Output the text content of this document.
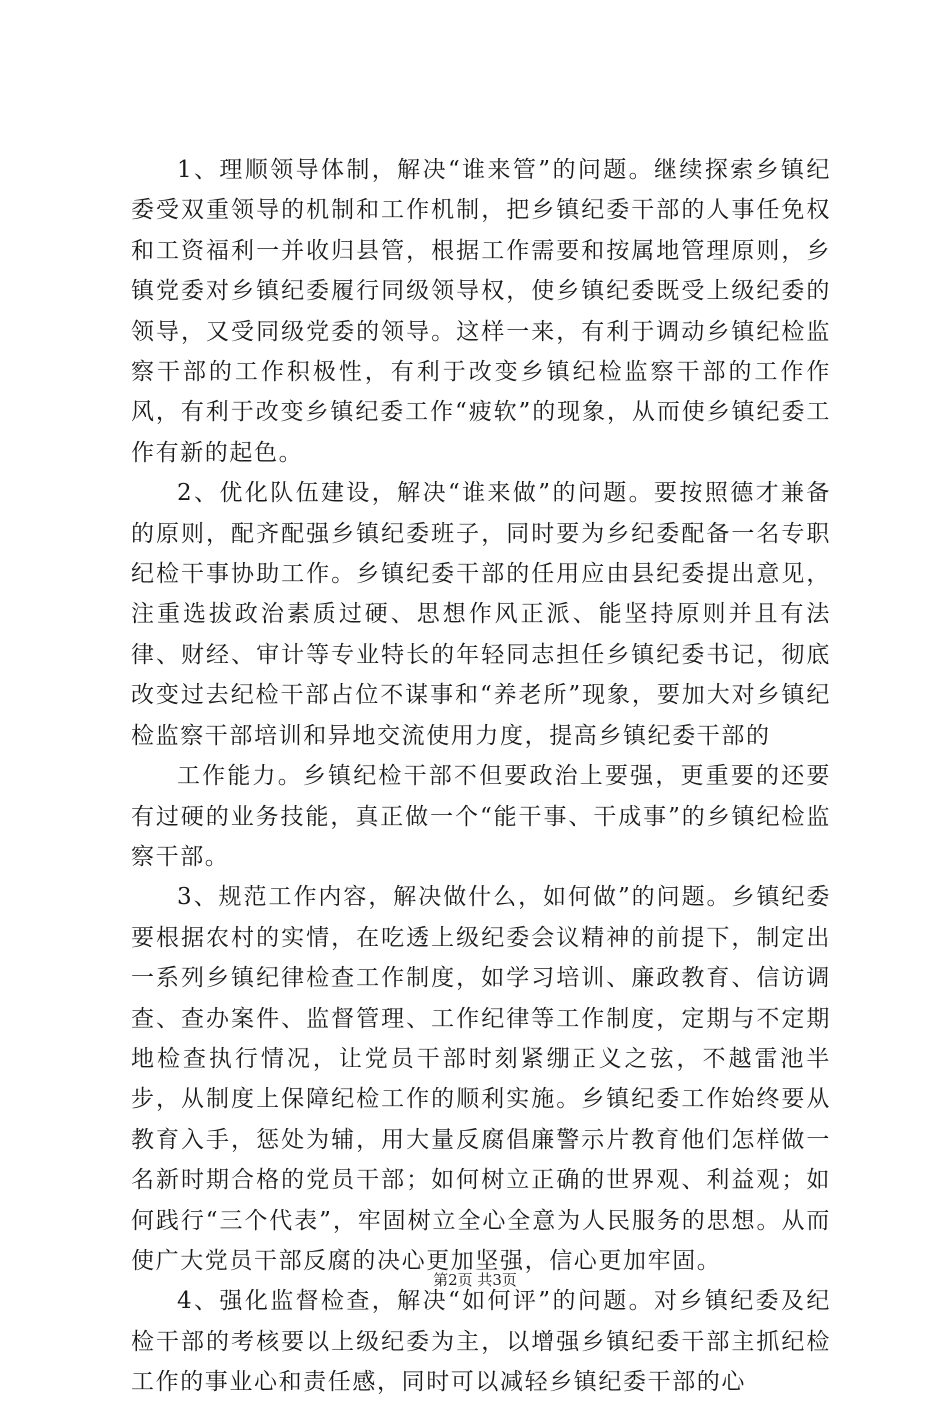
1、理顺领导体制，解决“谁来管”的问题。继续探索乡镇纪委受双重领导的机制和工作机制，把乡镇纪委干部的人事任免权和工资福利一并收归县管，根据工作需要和按属地管理原则，乡镇党委对乡镇纪委履行同级领导权，使乡镇纪委既受上级纪委的领导，又受同级党委的领导。这样一来，有利于调动乡镇纪检监察干部的工作积极性，有利于改变乡镇纪检监察干部的工作作风，有利于改变乡镇纪委工作“疲软”的现象，从而使乡镇纪委工作有新的起色。

2、优化队伍建设，解决“谁来做”的问题。要按照德才兼备的原则，配齐配强乡镇纪委班子，同时要为乡纪委配备一名专职纪检干事协助工作。乡镇纪委干部的任用应由县纪委提出意见，注重选拔政治素质过硬、思想作风正派、能坚持原则并且有法律、财经、审计等专业特长的年轻同志担任乡镇纪委书记，彻底改变过去纪检干部占位不谋事和“养老所”现象，要加大对乡镇纪检监察干部培训和异地交流使用力度，提高乡镇纪委干部的

工作能力。乡镇纪检干部不但要政治上要强，更重要的还要有过硬的业务技能，真正做一个“能干事、干成事”的乡镇纪检监察干部。

3、规范工作内容，解决做什么，如何做”的问题。乡镇纪委要根据农村的实情，在吃透上级纪委会议精神的前提下，制定出一系列乡镇纪律检查工作制度，如学习培训、廉政教育、信访调查、查办案件、监督管理、工作纪律等工作制度，定期与不定期地检查执行情况，让党员干部时刻紧绷正义之弦，不越雷池半步，从制度上保障纪检工作的顺利实施。乡镇纪委工作始终要从教育入手，惩处为辅，用大量反腐倡廉警示片教育他们怎样做一名新时期合格的党员干部；如何树立正确的世界观、利益观；如何践行“三个代表”，牢固树立全心全意为人民服务的思想。从而使广大党员干部反腐的决心更加坚强，信心更加牢固。

4、强化监督检查，解决“如何评”的问题。对乡镇纪委及纪检干部的考核要以上级纪委为主，以增强乡镇纪委干部主抓纪检工作的事业心和责任感，同时可以减轻乡镇纪委干部的心

第2页 共3页
